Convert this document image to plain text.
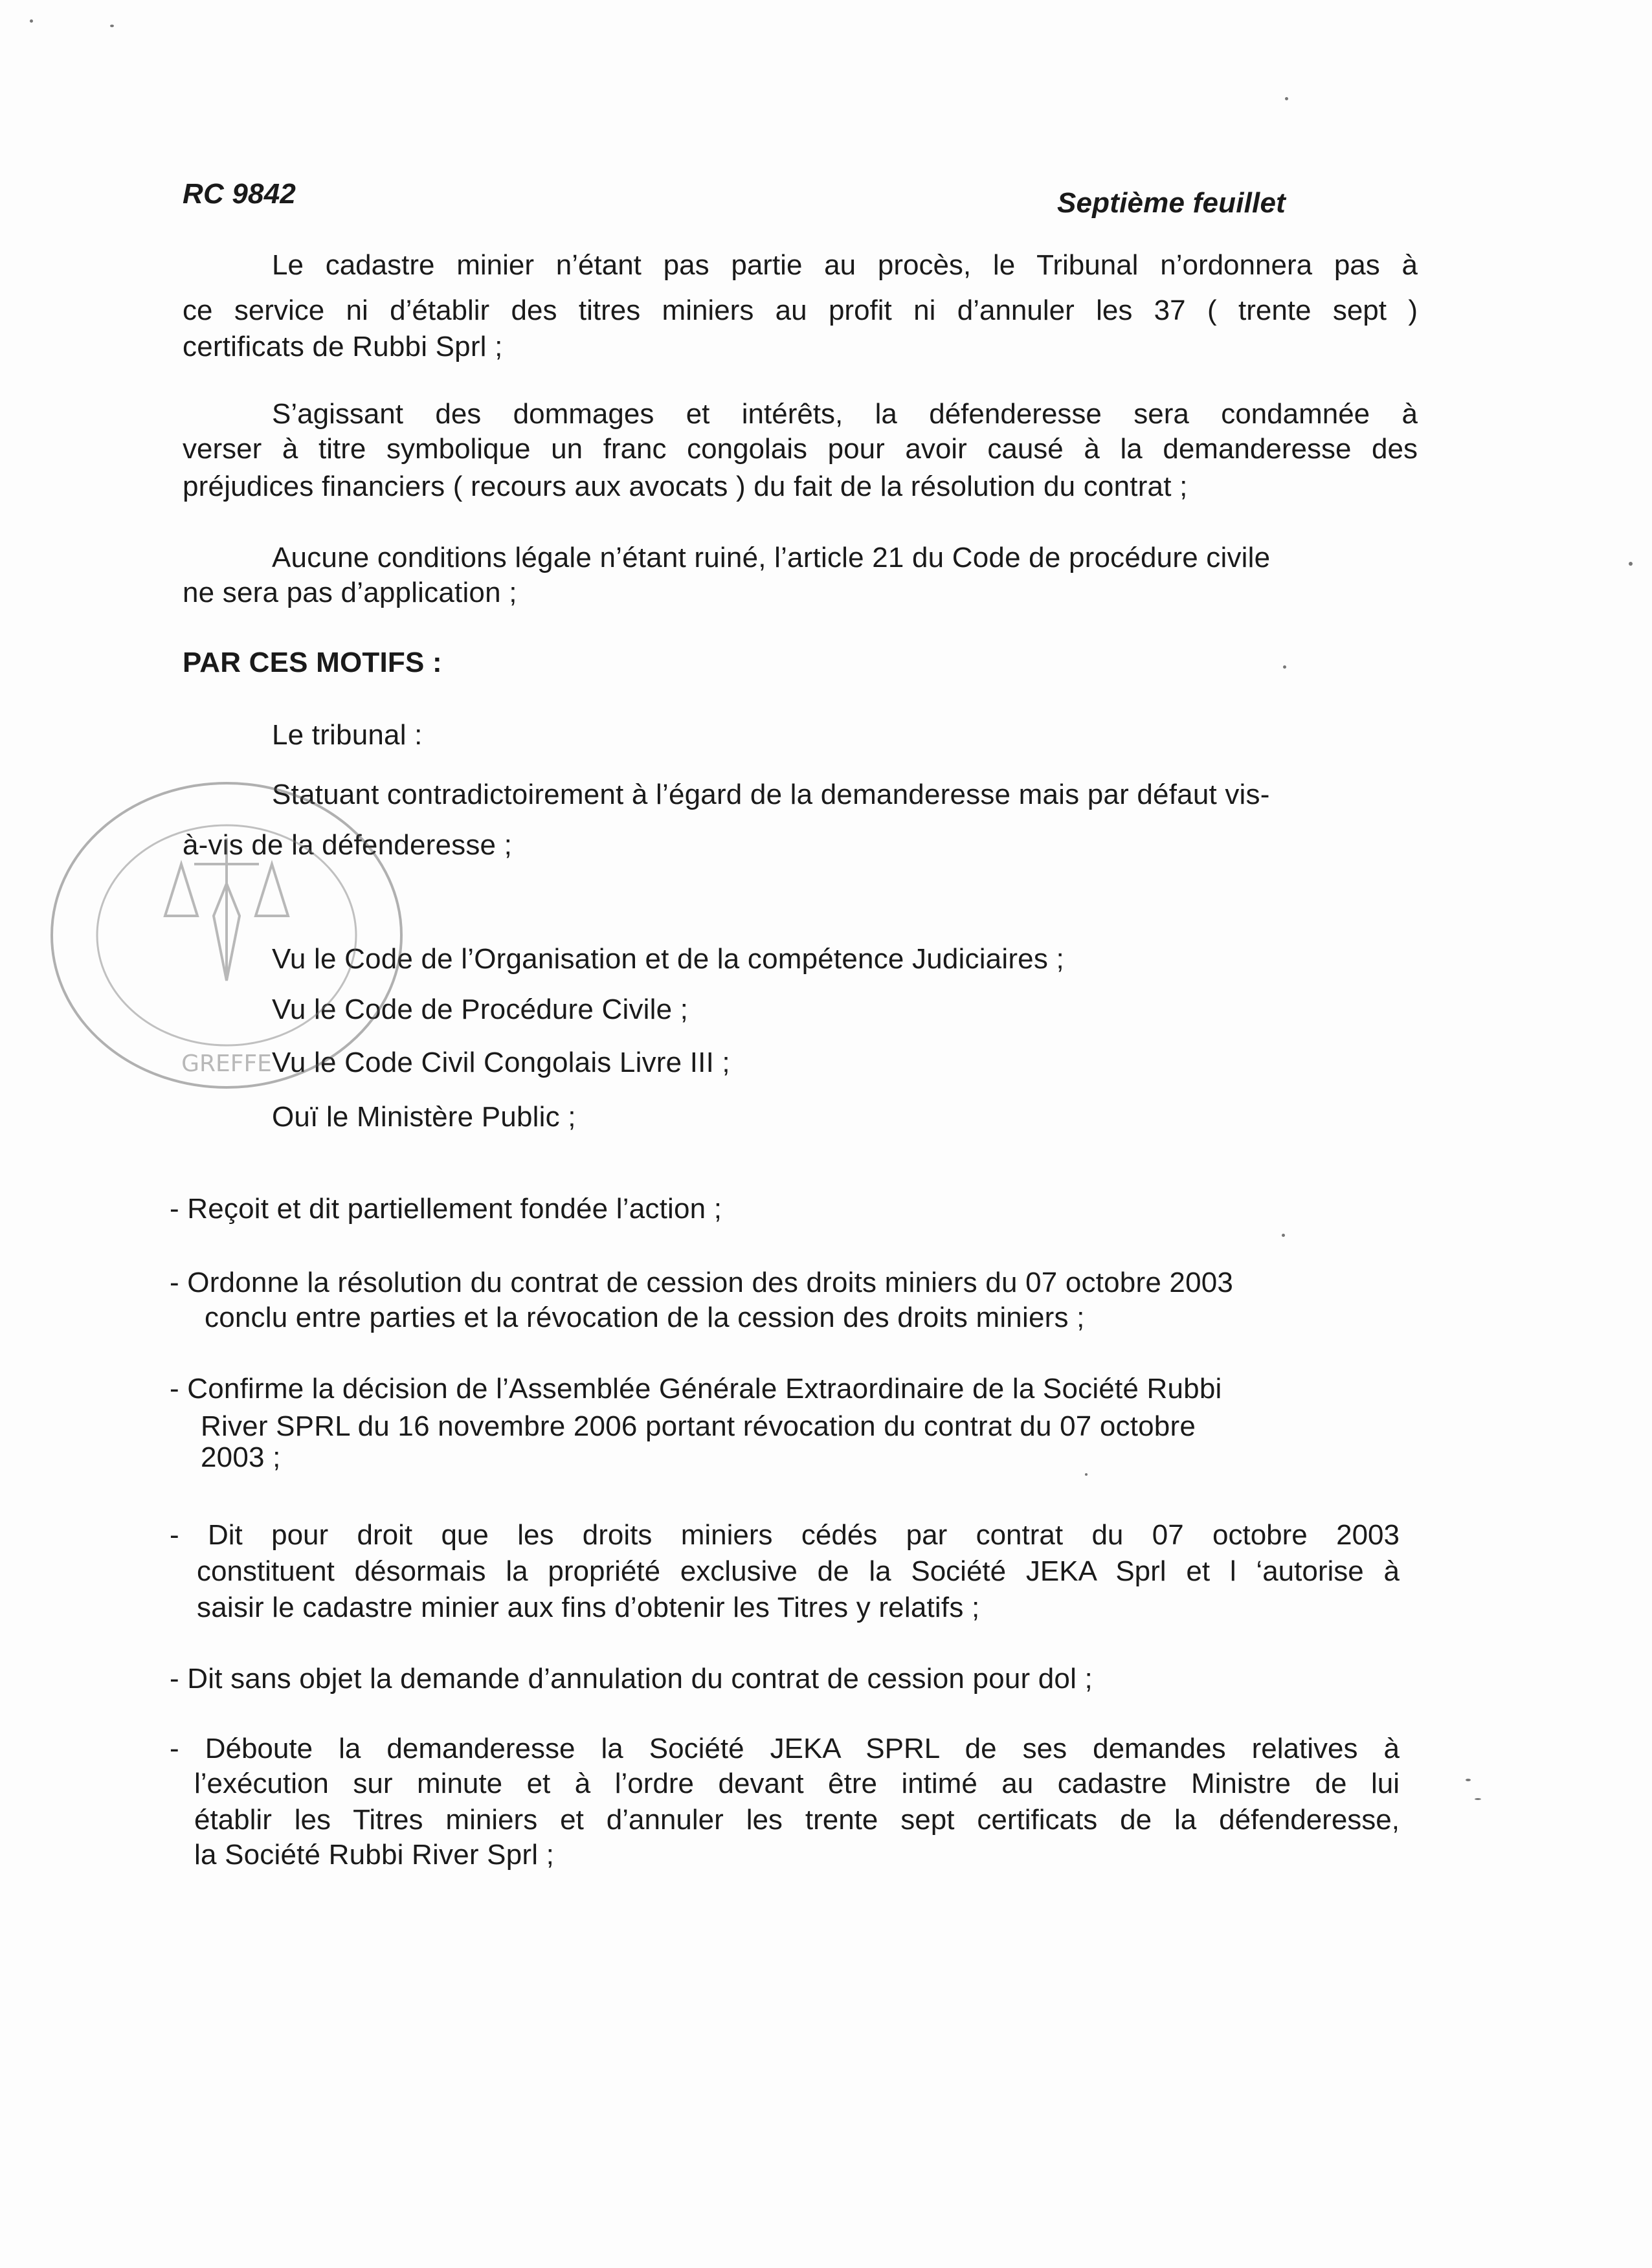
RC 9842	Septième feuillet
Le cadastre minier n’étant pas partie au procès, le Tribunal n’ordonnera pas à
ce service ni d’établir des titres miniers au profit ni d’annuler les 37 ( trente sept )
certificats de Rubbi Sprl ;
S’agissant des dommages et intérêts, la défenderesse sera condamnée à
verser à titre symbolique un franc congolais pour avoir causé à la demanderesse des
préjudices financiers ( recours aux avocats ) du fait de la résolution du contrat ;
Aucune conditions légale n’étant ruiné, l’article 21 du Code de procédure civile
ne sera pas d’application ;
PAR CES MOTIFS :
Le tribunal :
Statuant contradictoirement à l’égard de la demanderesse mais par défaut vis-
à-vis de la défenderesse ;
Vu le Code de l’Organisation et de la compétence Judiciaires ;
Vu le Code de Procédure Civile ;
Vu le Code Civil Congolais Livre III ;
Ouï le Ministère Public ;
- Reçoit et dit partiellement fondée l’action ;
- Ordonne la résolution du contrat de cession des droits miniers du 07 octobre 2003
conclu entre parties et la révocation de la cession des droits miniers ;
- Confirme la décision de l’Assemblée Générale Extraordinaire de la Société Rubbi
River SPRL du 16 novembre 2006 portant révocation du contrat du 07 octobre
2003 ;
- Dit pour droit que les droits miniers cédés par contrat du 07 octobre 2003
constituent désormais la propriété exclusive de la Société JEKA Sprl et l ‘autorise à
saisir le cadastre minier aux fins d’obtenir les Titres y relatifs ;
- Dit sans objet la demande d’annulation du contrat de cession pour dol ;
- Déboute la demanderesse la Société JEKA SPRL de ses demandes relatives à
l’exécution sur minute et à l’ordre devant être intimé au cadastre Ministre de lui
établir les Titres miniers et d’annuler les trente sept certificats de la défenderesse,
la Société Rubbi River Sprl ;
GREFFE
